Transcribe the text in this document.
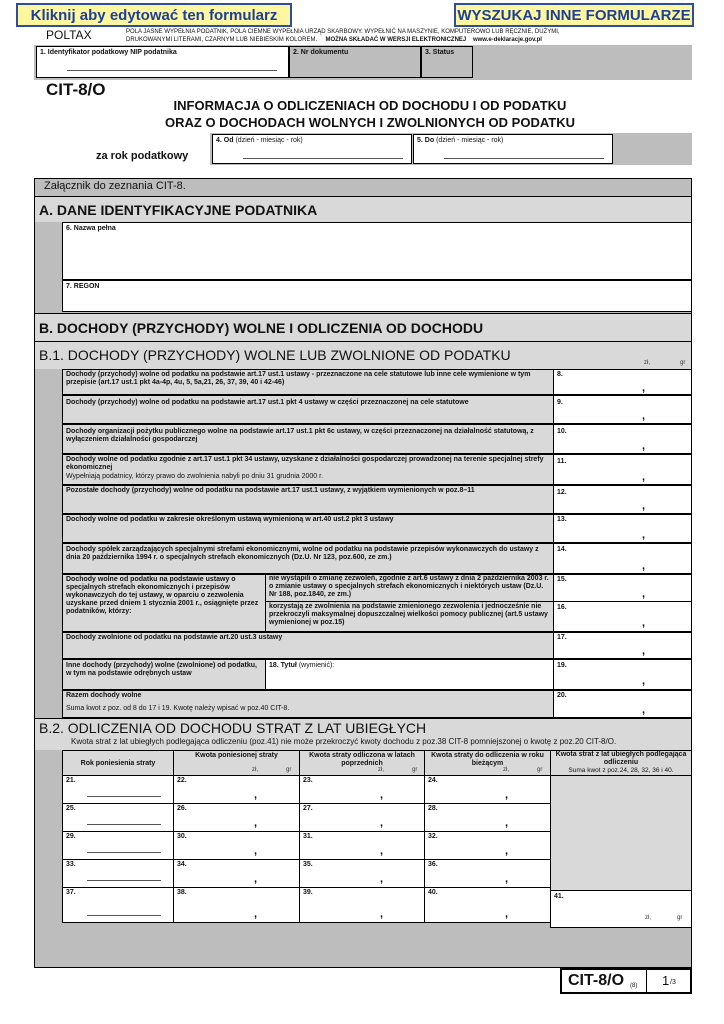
Kliknij aby edytować ten formularz	WYSZUKAJ INNE FORMULARZE
POLTAX	POLA JASNE WYPEŁNIA PODATNIK, POLA CIEMNE WYPEŁNIA URZĄD SKARBOWY. WYPEŁNIĆ NA MASZYNIE, KOMPUTEROWO LUB RĘCZNIE, DUŻYMI,
DRUKOWANYMI LITERAMI, CZARNYM LUB NIEBIESKIM KOLOREM. MOŻNA SKŁADAĆ W WERSJI ELEKTRONICZNEJ www.e-deklaracje.gov.pl
1. Identyfikator podatkowy NIP podatnika	2. Nr dokumentu	3. Status
CIT-8/O
INFORMACJA O ODLICZENIACH OD DOCHODU I OD PODATKU
ORAZ O DOCHODACH WOLNYCH I ZWOLNIONYCH OD PODATKU
za rok podatkowy
4. Od (dzień - miesiąc - rok)	5. Do (dzień - miesiąc - rok)
Załącznik do zeznania CIT-8.
A. DANE IDENTYFIKACYJNE PODATNIKA
6. Nazwa pełna
7. REGON
B. DOCHODY (PRZYCHODY) WOLNE I ODLICZENIA OD DOCHODU
B.1. DOCHODY (PRZYCHODY) WOLNE LUB ZWOLNIONE OD PODATKU	zł,	gr
Dochody (przychody) wolne od podatku na podstawie art.17 ust.1 ustawy - przeznaczone na cele statutowe lub inne cele wymienione w tym przepisie (art.17 ust.1 pkt 4a-4p, 4u, 5, 5a,21, 26, 37, 39, 40 i 42-46)
8.
,
Dochody (przychody) wolne od podatku na podstawie art.17 ust.1 pkt 4 ustawy w części przeznaczonej na cele statutowe	9.
,
Dochody organizacji pożytku publicznego wolne na podstawie art.17 ust.1 pkt 6c ustawy, w części przeznaczonej na działalność statutową, z wyłączeniem działalności gospodarczej
10.
,
Dochody wolne od podatku zgodnie z art.17 ust.1 pkt 34 ustawy, uzyskane z działalności gospodarczej prowadzonej na terenie specjalnej strefy ekonomicznej
Wypełniają podatnicy, którzy prawo do zwolnienia nabyli po dniu 31 grudnia 2000 r.
11.
,
Pozostałe dochody (przychody) wolne od podatku na podstawie art.17 ust.1 ustawy, z wyjątkiem wymienionych w poz.8–11	12.
,
Dochody wolne od podatku w zakresie określonym ustawą wymienioną w art.40 ust.2 pkt 3 ustawy	13.
,
Dochody spółek zarządzających specjalnymi strefami ekonomicznymi, wolne od podatku na podstawie przepisów wykonawczych do ustawy z dnia 20 października 1994 r. o specjalnych strefach ekonomicznych (Dz.U. Nr 123, poz.600, ze zm.)
14.
,
Dochody wolne od podatku na podstawie ustawy o specjalnych strefach ekonomicznych i przepisów wykonawczych do tej ustawy, w oparciu o zezwolenia uzyskane przed dniem 1 stycznia 2001 r., osiągnięte przez podatników, którzy:
nie wystąpili o zmianę zezwoleń, zgodnie z art.6 ustawy z dnia 2 października 2003 r. o zmianie ustawy o specjalnych strefach ekonomicznych i niektórych ustaw (Dz.U. Nr 188, poz.1840, ze zm.)
15.
,
korzystają ze zwolnienia na podstawie zmienionego zezwolenia i jednocześnie nie przekroczyli maksymalnej dopuszczalnej wielkości pomocy publicznej (art.5 ustawy wymienionej w poz.15)
16.
,
Dochody zwolnione od podatku na podstawie art.20 ust.3 ustawy	17.
,
Inne dochody (przychody) wolne (zwolnione) od podatku, w tym na podstawie odrębnych ustaw
18. Tytuł (wymienić):	19.
,
Razem dochody wolne
Suma kwot z poz. od 8 do 17 i 19. Kwotę należy wpisać w poz.40 CIT-8.
20.
,
B.2. ODLICZENIA OD DOCHODU STRAT Z LAT UBIEGŁYCH
Kwota strat z lat ubiegłych podlegająca odliczeniu (poz.41) nie może przekroczyć kwoty dochodu z poz.38 CIT-8 pomniejszonej o kwotę z poz.20 CIT-8/O.
Rok poniesienia straty
Kwota poniesionej straty
zł,	gr
Kwota straty odliczona w latach poprzednich
zł,	gr
Kwota straty do odliczenia w roku bieżącym
zł,	gr
Kwota strat z lat ubiegłych podlegająca odliczeniu
Suma kwot z poz.24, 28, 32, 36 i 40.
21.	22.
,
23.
,
24.
,
25.	26.
,
27.
,
28.
,
29.	30.
,
31.
,
32.
,
33.	34.
,
35.
,
36.
,
37.	38.
,
39.
,
40.
,
41.
zł,	gr
CIT-8/O (8) 1 /3
